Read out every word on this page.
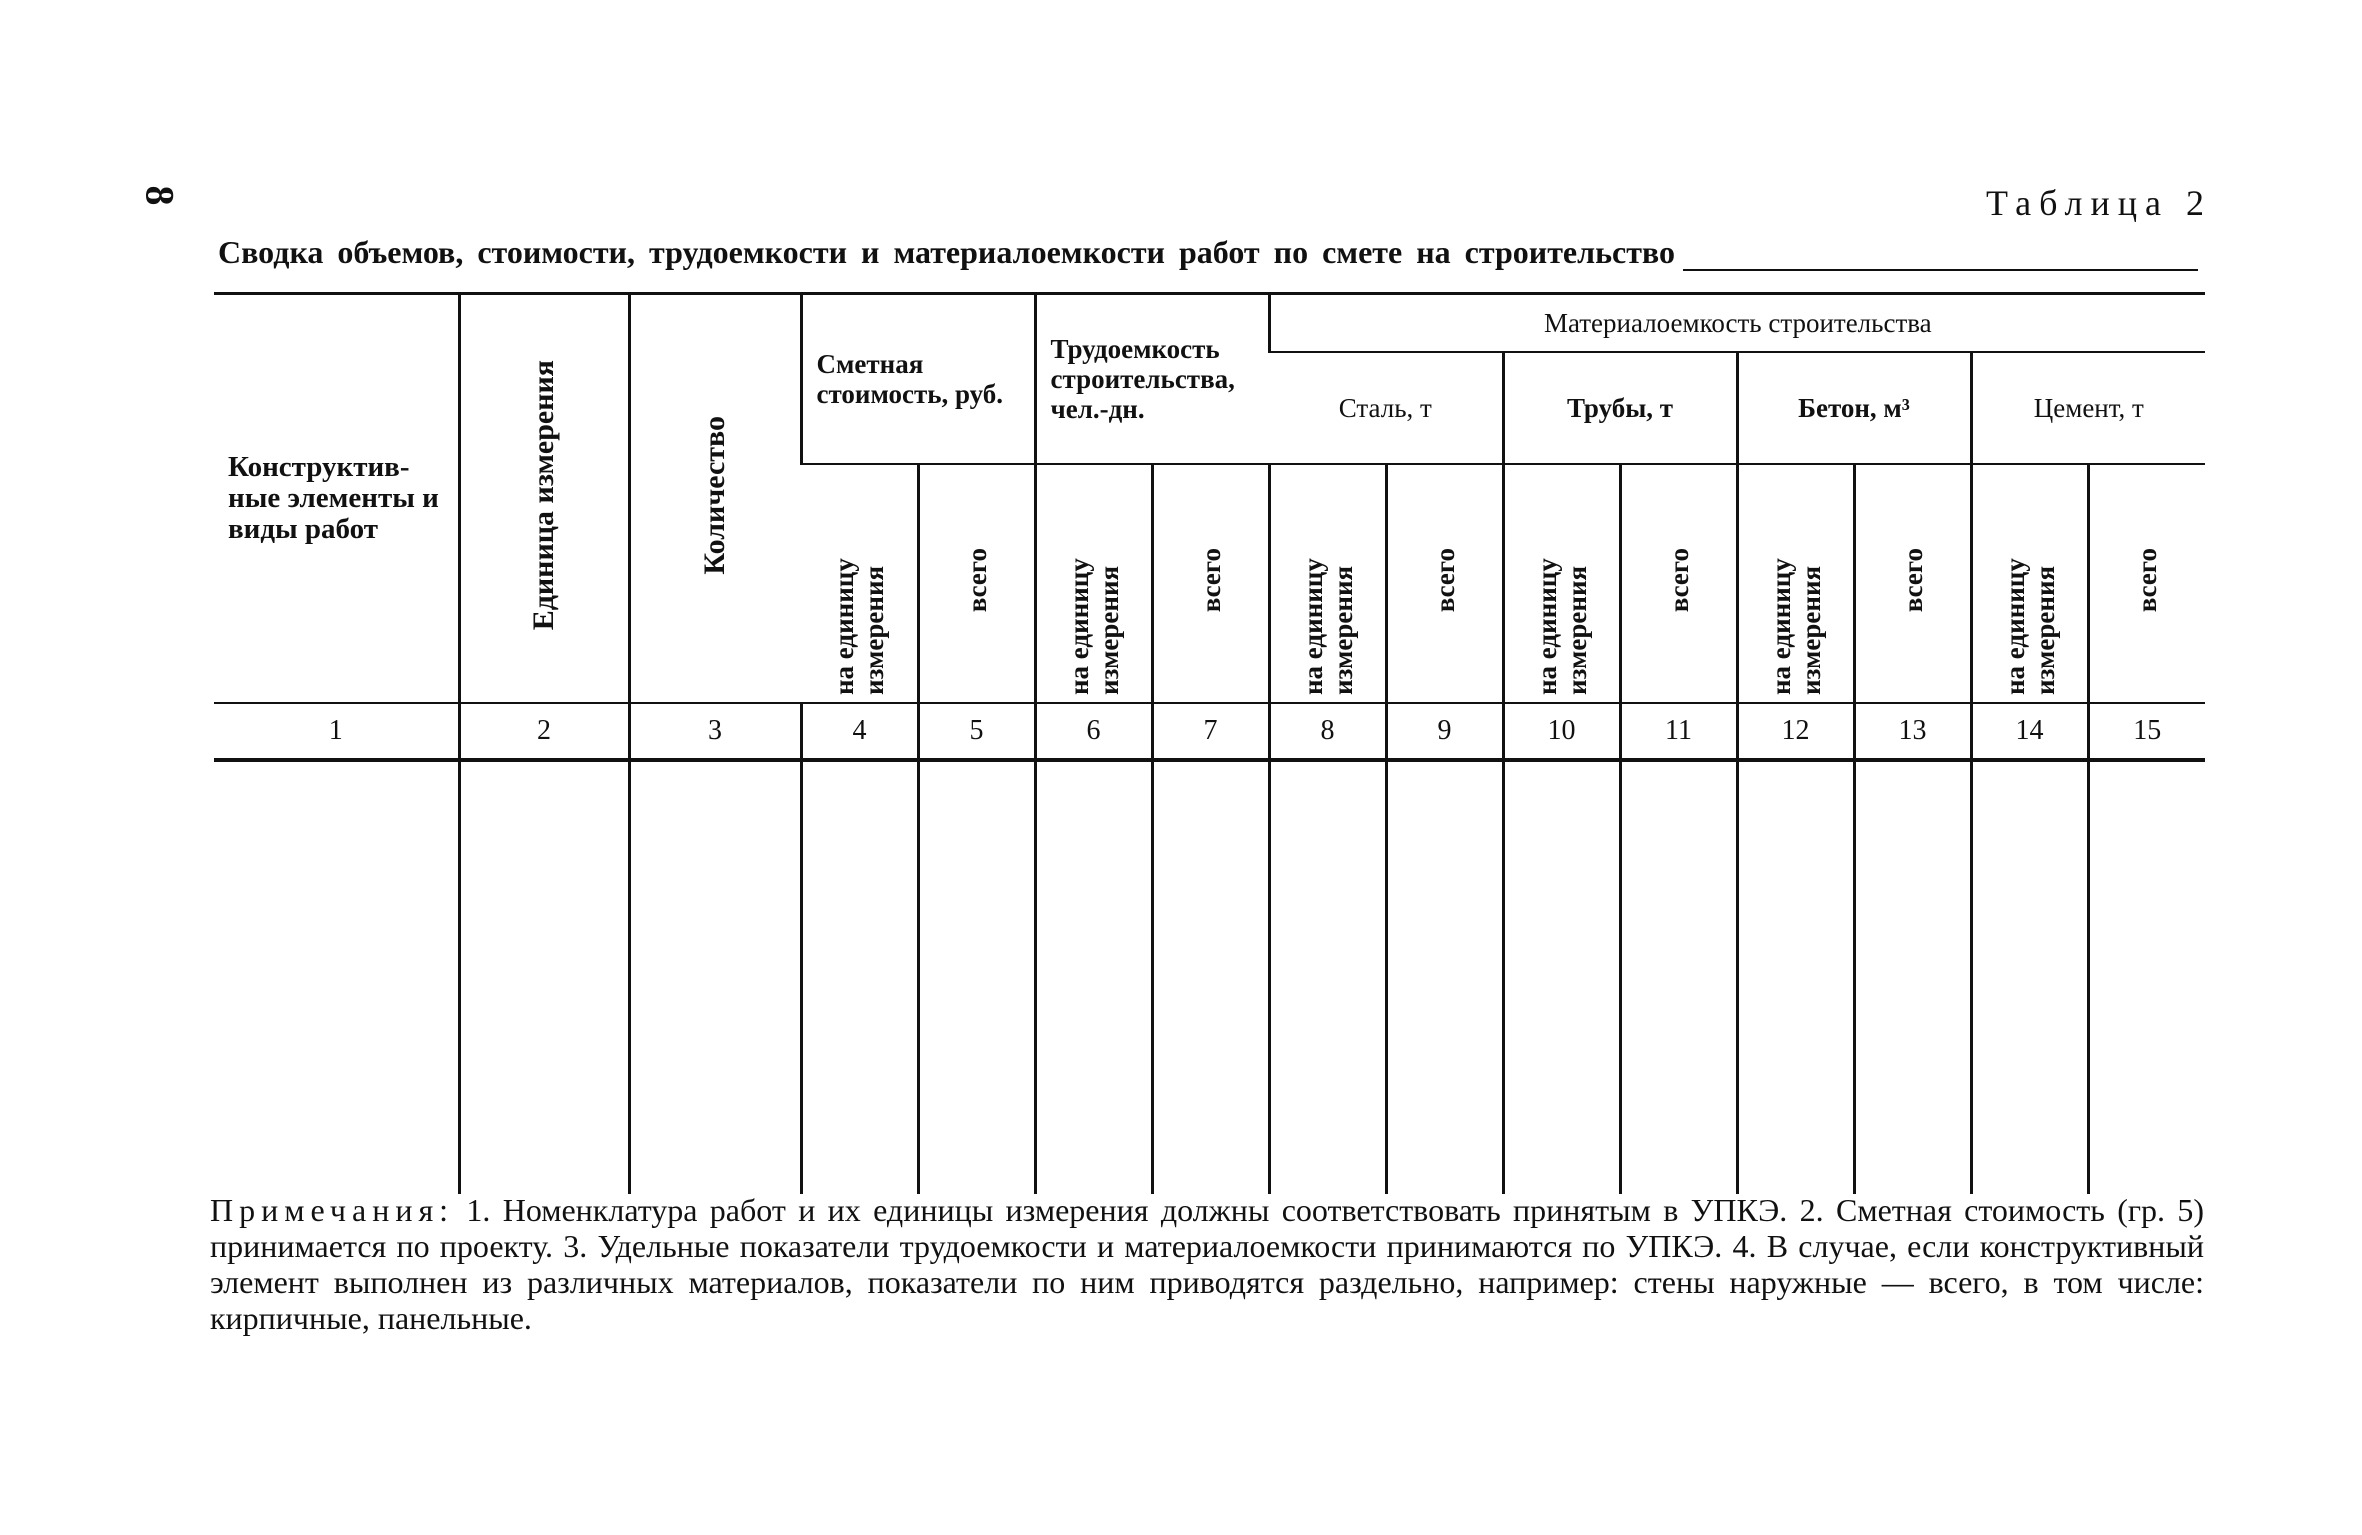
8	Таблица 2
Сводка объемов, стоимости, трудоемкости и материалоемкости работ по смете на строительство
Конструктив-ные элементы и виды работ	Единица измерения	Количество	Сметная стоимость, руб.		Трудоемкость строительства, чел.-дн.		Материалоемкость строительства							
							Сталь, т		Трубы, т		Бетон, м³		Цемент, т	
			на единицу измерения	всего	на единицу измерения	всего	на единицу измерения	всего	на единицу измерения	всего	на единицу измерения	всего	на единицу измерения	всего
1	2	3	4	5	6	7	8	9	10	11	12	13	14	15

Примечания: 1. Номенклатура работ и их единицы измерения должны соответствовать принятым в УПКЭ. 2. Сметная стоимость (гр. 5) принимается по проекту. 3. Удельные показатели трудоемкости и материалоемкости принимаются по УПКЭ. 4. В случае, если конструктивный элемент выполнен из различных материалов, показатели по ним приводятся раздельно, например: стены наружные — всего, в том числе: кирпичные, панельные.
